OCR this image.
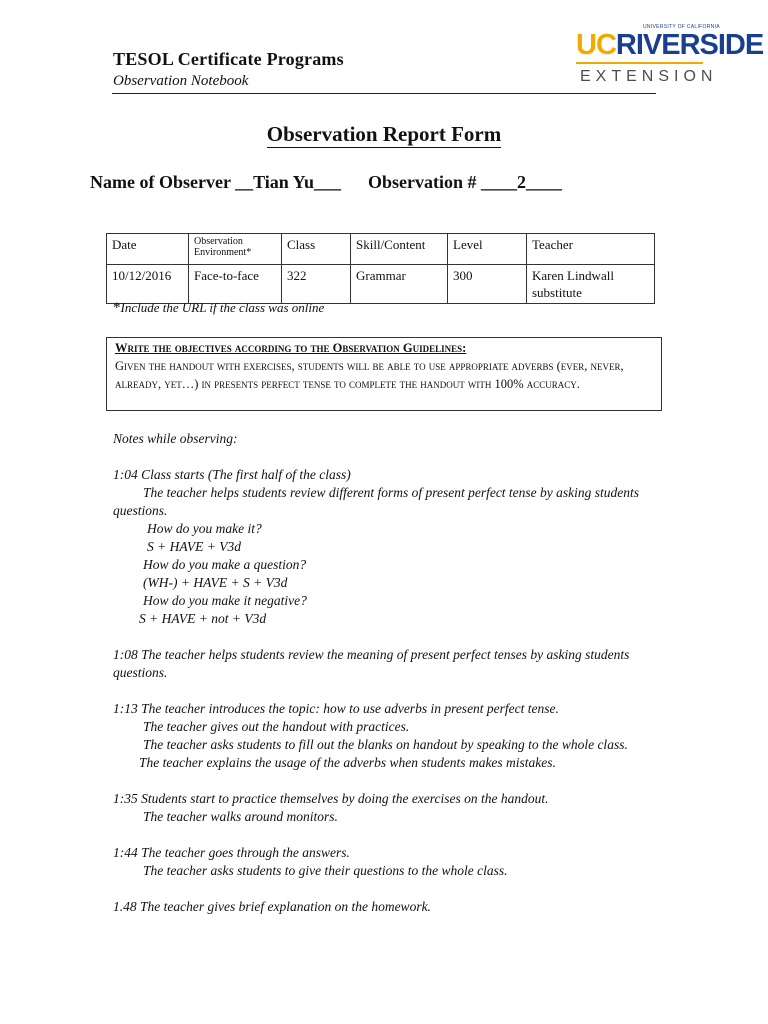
TESOL Certificate Programs
Observation Notebook
UNIVERSITY OF CALIFORNIA
UC RIVERSIDE
EXTENSION
Observation Report Form
Name of Observer __Tian Yu___      Observation # ____2____
Date	Observation Environment*	Class	Skill/Content	Level	Teacher
10/12/2016	Face-to-face	322	Grammar	300	Karen Lindwall substitute
*Include the URL if the class was online
Write the objectives according to the Observation Guidelines:
Given the handout with exercises, students will be able to use appropriate adverbs (ever, never, already, yet…) in presents perfect tense to complete the handout with 100% accuracy.

Notes while observing:

1:04 Class starts (The first half of the class)

The teacher helps students review different forms of present perfect tense by asking students questions.

How do you make it?

S + HAVE + V3d

How do you make a question?

(WH-) + HAVE + S + V3d

How do you make it negative?

S + HAVE + not + V3d

1:08 The teacher helps students review the meaning of present perfect tenses by asking students questions.

1:13 The teacher introduces the topic: how to use adverbs in present perfect tense.

The teacher gives out the handout with practices.

The teacher asks students to fill out the blanks on handout by speaking to the whole class.

The teacher explains the usage of the adverbs when students makes mistakes.

1:35 Students start to practice themselves by doing the exercises on the handout.

The teacher walks around monitors.

1:44 The teacher goes through the answers.

The teacher asks students to give their questions to the whole class.

1.48 The teacher gives brief explanation on the homework.
